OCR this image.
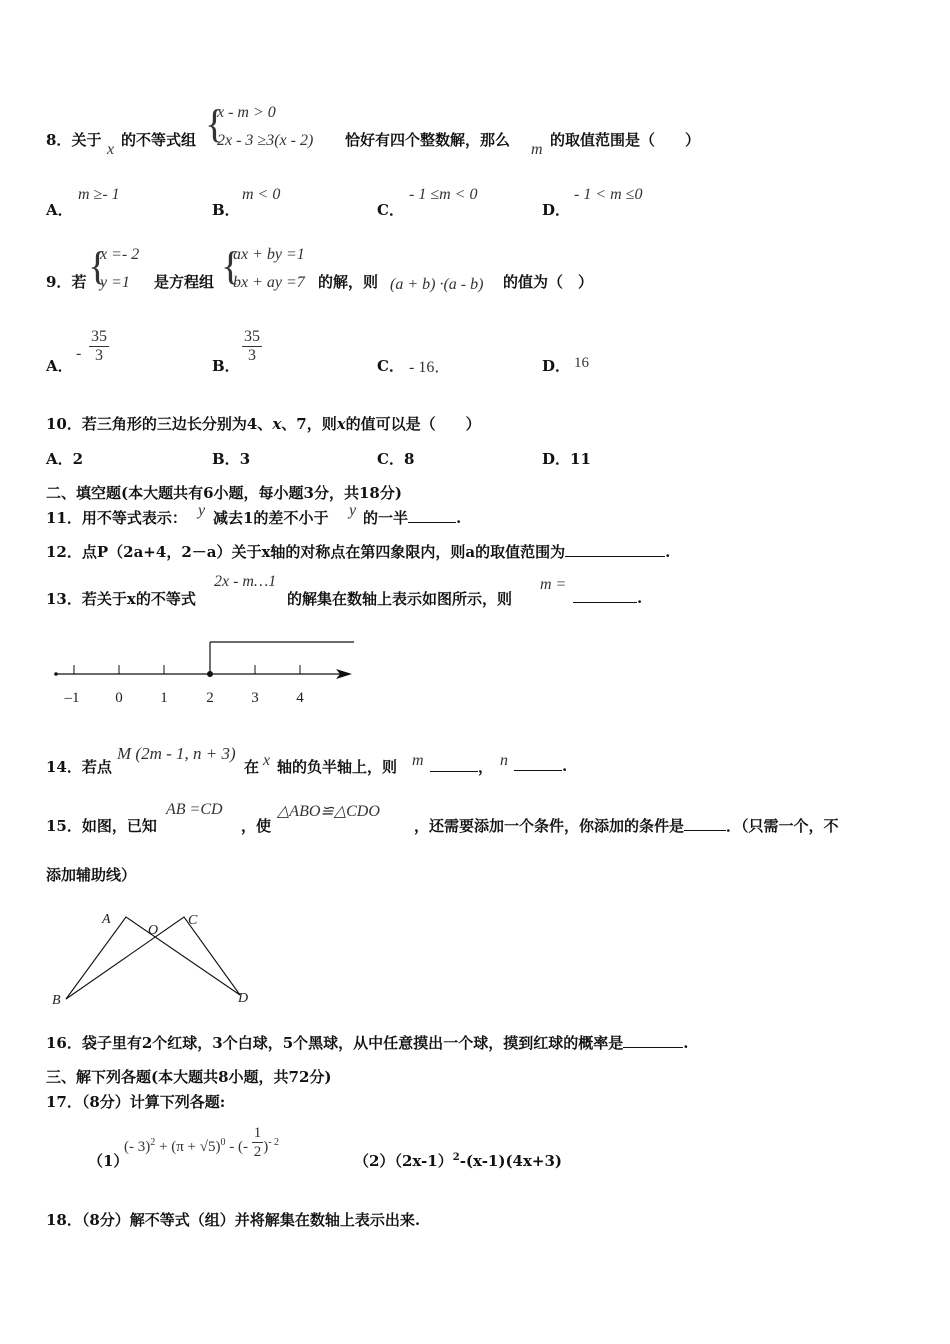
8．关于
x
的不等式组 {
x - m > 0
2x - 3 ≥3(x - 2) 恰好有四个整数解，那么
m
的取值范围是（　　）
A．
m ≥- 1
B．
m < 0
C．
- 1 ≤m < 0
D．
- 1 < m ≤0
9．若 {
x =- 2
y =1 是方程组 {
ax + by =1
bx + ay =7 的解，则 (a + b) ·(a - b) 的值为（　）
A．
- $\frac{35}{3}$
B．
$\frac{35}{3}$
C． - 16．	D． 16
10．若三角形的三边长分别为4、x、7，则x的值可以是（　　）
A．2	B．3	C．8	D．11
二、填空题(本大题共有6小题，每小题3分，共18分)
11．用不等式表示： y 减去1的差不小于 y 的一半	.
12．点P（2a+4，2－a）关于x轴的对称点在第四象限内，则a的取值范围为	.
13．若关于x的不等式
2x - m…1
的解集在数轴上表示如图所示，则
m =
.
–1 0	1	2	3	4
14．若点
M (2m - 1, n + 3)
在 x 轴的负半轴上，则 m	， n	.
15．如图，已知
AB =CD
，使
△ABO≌△CDO
，还需要添加一个条件，你添加的条件是	．（只需一个，不
添加辅助线）
A
O
C
B	D
16．袋子里有2个红球，3个白球，5个黑球，从中任意摸出一个球，摸到红球的概率是	.
三、解下列各题(本大题共8小题，共72分)
17．（8分）计算下列各题:
（1）
(- $3)^2 + (\pi + √5)^0$ - (- $\frac{1}{2} )^{- 2}$
$(2)(2x-1)^2-(x-1)(4x+3)$
18．（8分）解不等式（组）并将解集在数轴上表示出来.
